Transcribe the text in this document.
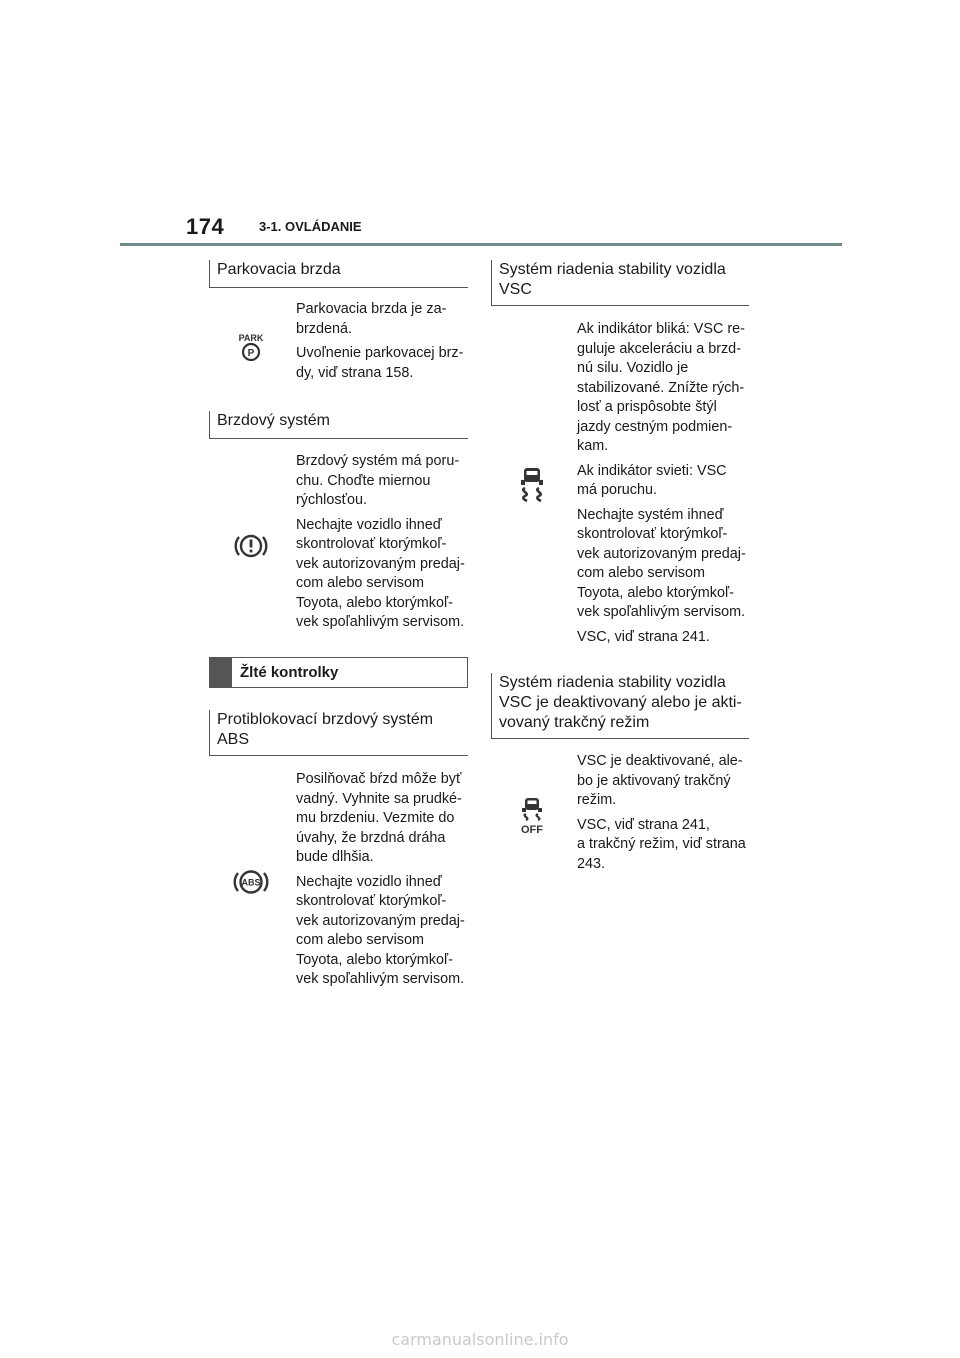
174	3-1. OVLÁDANIE
Parkovacia brzda
PARK
P

Parkovacia brzda je za-
brzdená.

Uvoľnenie parkovacej brz-
dy, viď strana 158.

Brzdový systém

Brzdový systém má poru-
chu. Choďte miernou
rýchlosťou.

Nechajte vozidlo ihneď
skontrolovať ktorýmkoľ-
vek autorizovaným predaj-
com alebo servisom
Toyota, alebo ktorýmkoľ-
vek spoľahlivým servisom.

Žlté kontrolky
Protiblokovací brzdový systém
ABS
ABS

Posilňovač bŕzd môže byť
vadný. Vyhnite sa prudké-
mu brzdeniu. Vezmite do
úvahy, že brzdná dráha
bude dlhšia.

Nechajte vozidlo ihneď
skontrolovať ktorýmkoľ-
vek autorizovaným predaj-
com alebo servisom
Toyota, alebo ktorýmkoľ-
vek spoľahlivým servisom.

Systém riadenia stability vozidla
VSC

Ak indikátor bliká: VSC re-
guluje akceleráciu a brzd-
nú silu. Vozidlo je
stabilizované. Znížte rých-
losť a prispôsobte štýl
jazdy cestným podmien-
kam.

Ak indikátor svieti: VSC
má poruchu.

Nechajte systém ihneď
skontrolovať ktorýmkoľ-
vek autorizovaným predaj-
com alebo servisom
Toyota, alebo ktorýmkoľ-
vek spoľahlivým servisom.

VSC, viď strana 241.

Systém riadenia stability vozidla
VSC je deaktivovaný alebo je akti-
vovaný trakčný režim
OFF

VSC je deaktivované, ale-
bo je aktivovaný trakčný
režim.

VSC, viď strana 241,
a trakčný režim, viď strana
243.

carmanualsonline.info
